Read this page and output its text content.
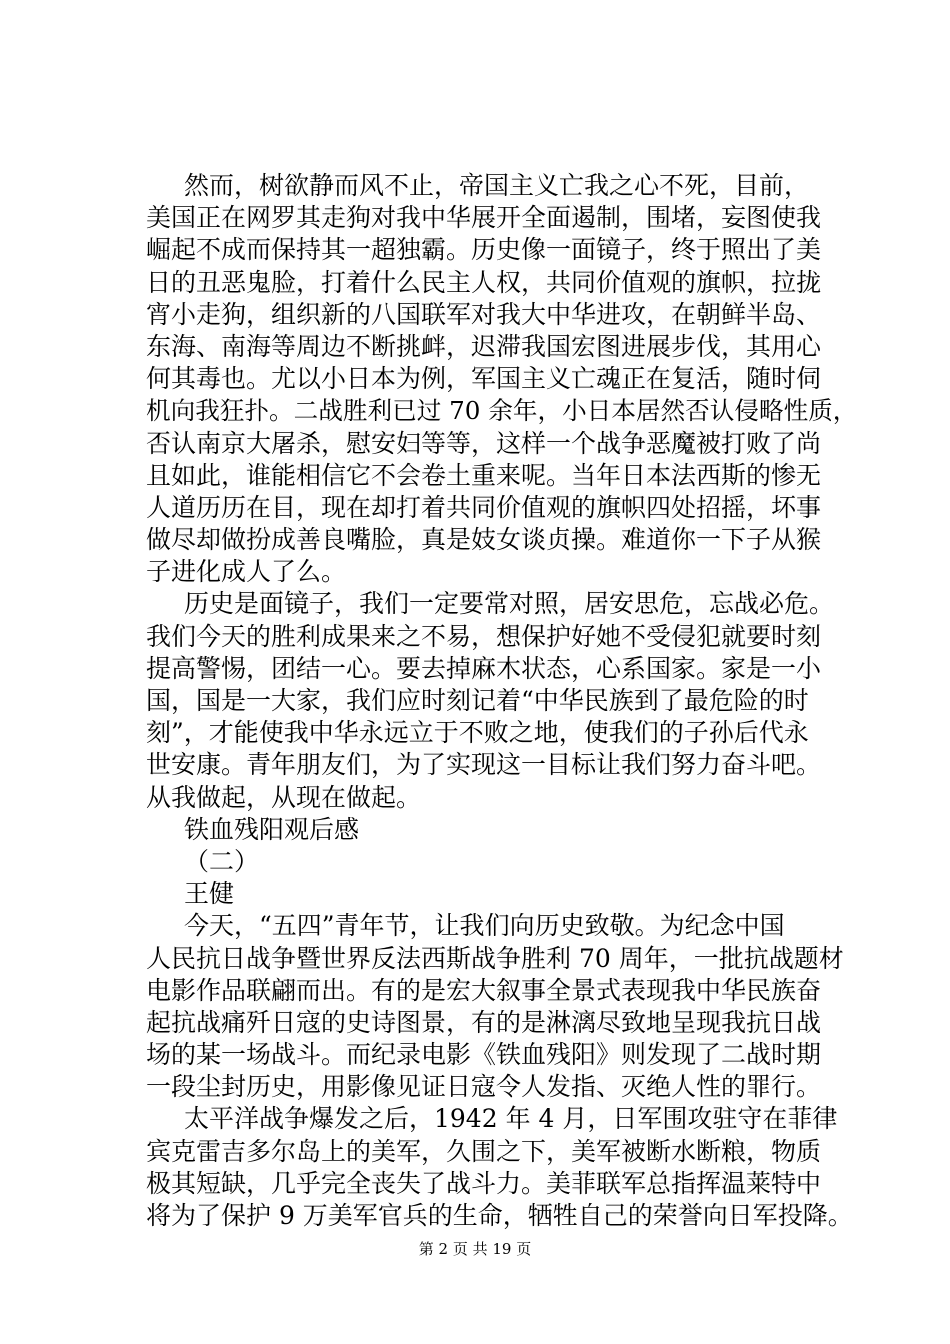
然而，树欲静而风不止，帝国主义亡我之心不死，目前，
美国正在网罗其走狗对我中华展开全面遏制，围堵，妄图使我
崛起不成而保持其一超独霸。历史像一面镜子，终于照出了美
日的丑恶鬼脸，打着什么民主人权，共同价值观的旗帜，拉拢
宵小走狗，组织新的八国联军对我大中华进攻，在朝鲜半岛、
东海、南海等周边不断挑衅，迟滞我国宏图进展步伐，其用心
何其毒也。尤以小日本为例，军国主义亡魂正在复活，随时伺
机向我狂扑。二战胜利已过 70 余年，小日本居然否认侵略性质，
否认南京大屠杀，慰安妇等等，这样一个战争恶魔被打败了尚
且如此，谁能相信它不会卷土重来呢。当年日本法西斯的惨无
人道历历在目，现在却打着共同价值观的旗帜四处招摇，坏事
做尽却做扮成善良嘴脸，真是妓女谈贞操。难道你一下子从猴
子进化成人了么。
历史是面镜子，我们一定要常对照，居安思危，忘战必危。
我们今天的胜利成果来之不易，想保护好她不受侵犯就要时刻
提高警惕，团结一心。要去掉麻木状态，心系国家。家是一小
国，国是一大家，我们应时刻记着“中华民族到了最危险的时
刻”，才能使我中华永远立于不败之地，使我们的子孙后代永
世安康。青年朋友们，为了实现这一目标让我们努力奋斗吧。
从我做起，从现在做起。
铁血残阳观后感
（二）
王健
今天，“五四”青年节，让我们向历史致敬。为纪念中国
人民抗日战争暨世界反法西斯战争胜利 70 周年，一批抗战题材
电影作品联翩而出。有的是宏大叙事全景式表现我中华民族奋
起抗战痛歼日寇的史诗图景，有的是淋漓尽致地呈现我抗日战
场的某一场战斗。而纪录电影《铁血残阳》则发现了二战时期
一段尘封历史，用影像见证日寇令人发指、灭绝人性的罪行。
太平洋战争爆发之后，1942 年 4 月，日军围攻驻守在菲律
宾克雷吉多尔岛上的美军，久围之下，美军被断水断粮，物质
极其短缺，几乎完全丧失了战斗力。美菲联军总指挥温莱特中
将为了保护 9 万美军官兵的生命，牺牲自己的荣誉向日军投降。
第 2 页 共 19 页
